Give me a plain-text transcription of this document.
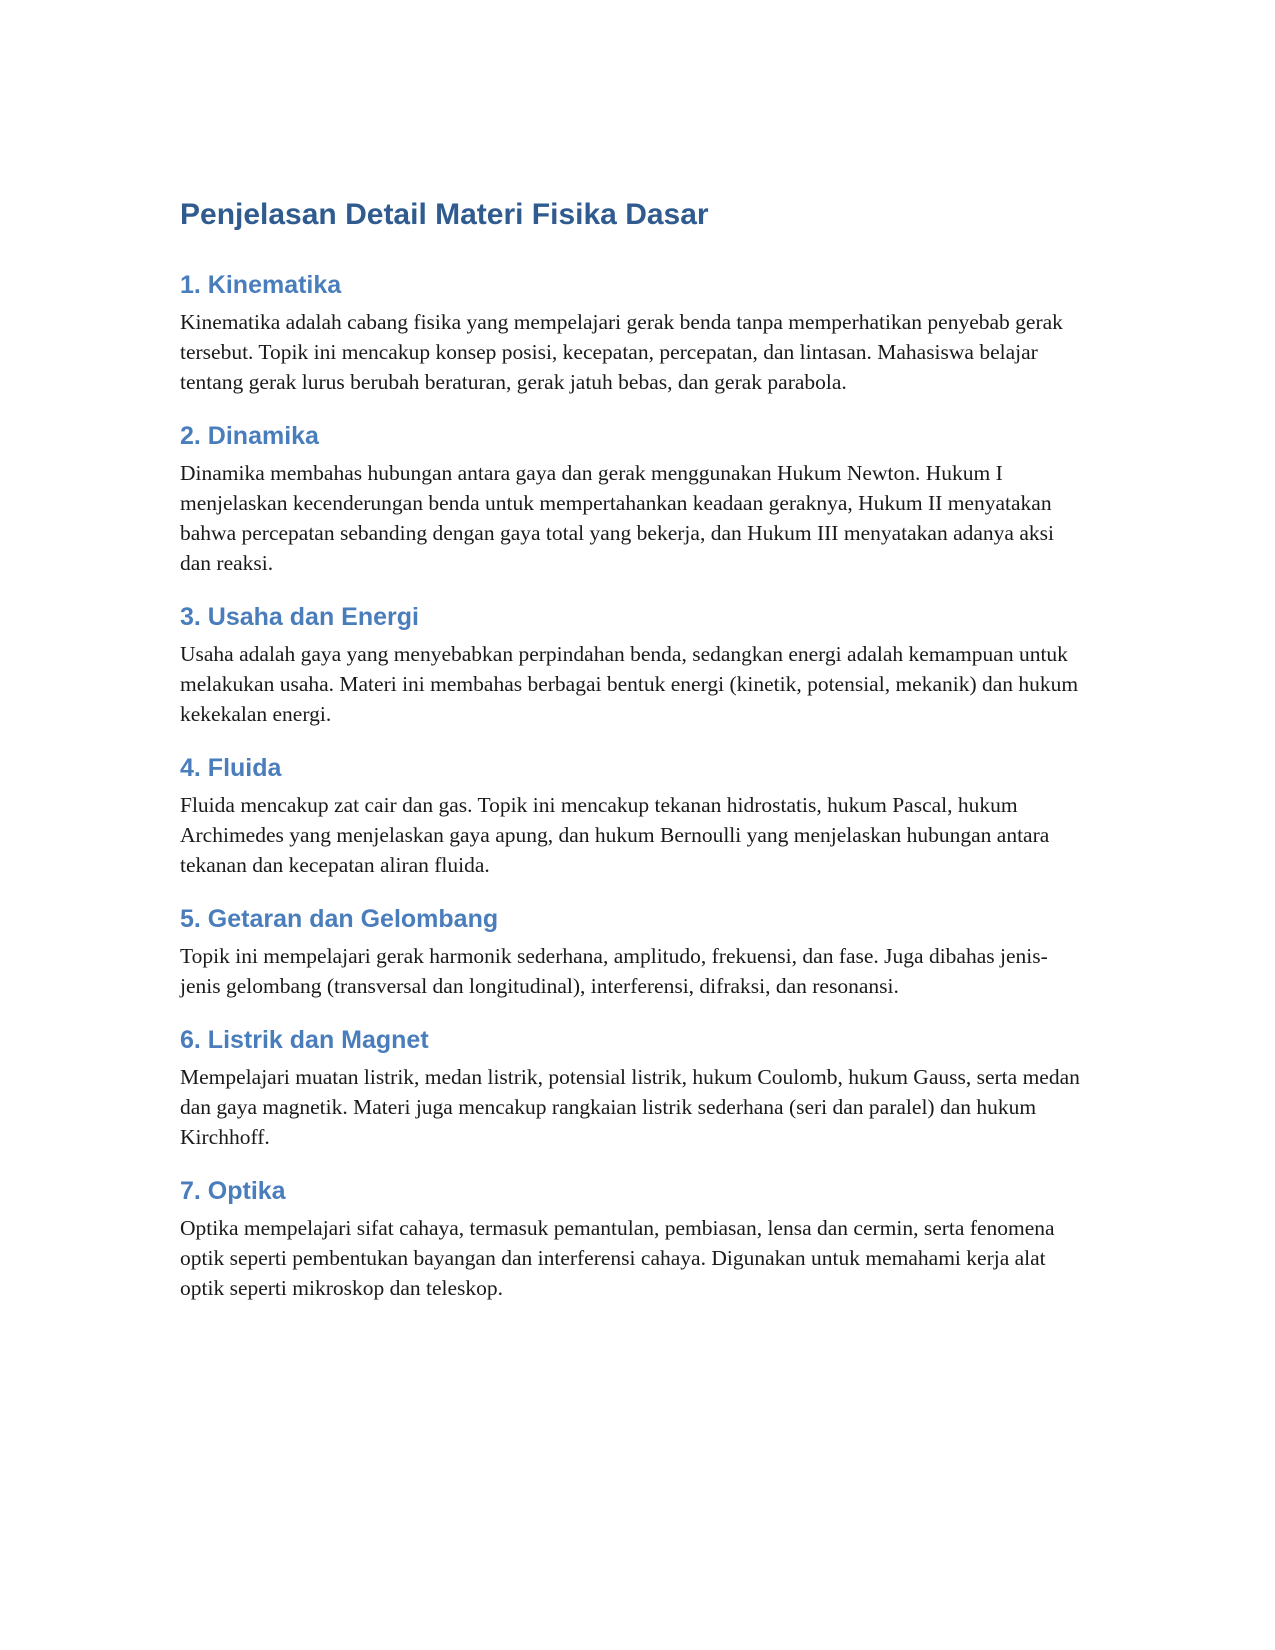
Penjelasan Detail Materi Fisika Dasar
1. Kinematika

Kinematika adalah cabang fisika yang mempelajari gerak benda tanpa memperhatikan penyebab gerak tersebut. Topik ini mencakup konsep posisi, kecepatan, percepatan, dan lintasan. Mahasiswa belajar tentang gerak lurus berubah beraturan, gerak jatuh bebas, dan gerak parabola.

2. Dinamika

Dinamika membahas hubungan antara gaya dan gerak menggunakan Hukum Newton. Hukum I menjelaskan kecenderungan benda untuk mempertahankan keadaan geraknya, Hukum II menyatakan bahwa percepatan sebanding dengan gaya total yang bekerja, dan Hukum III menyatakan adanya aksi dan reaksi.

3. Usaha dan Energi

Usaha adalah gaya yang menyebabkan perpindahan benda, sedangkan energi adalah kemampuan untuk melakukan usaha. Materi ini membahas berbagai bentuk energi (kinetik, potensial, mekanik) dan hukum kekekalan energi.

4. Fluida

Fluida mencakup zat cair dan gas. Topik ini mencakup tekanan hidrostatis, hukum Pascal, hukum Archimedes yang menjelaskan gaya apung, dan hukum Bernoulli yang menjelaskan hubungan antara tekanan dan kecepatan aliran fluida.

5. Getaran dan Gelombang

Topik ini mempelajari gerak harmonik sederhana, amplitudo, frekuensi, dan fase. Juga dibahas jenis-jenis gelombang (transversal dan longitudinal), interferensi, difraksi, dan resonansi.

6. Listrik dan Magnet

Mempelajari muatan listrik, medan listrik, potensial listrik, hukum Coulomb, hukum Gauss, serta medan dan gaya magnetik. Materi juga mencakup rangkaian listrik sederhana (seri dan paralel) dan hukum Kirchhoff.

7. Optika

Optika mempelajari sifat cahaya, termasuk pemantulan, pembiasan, lensa dan cermin, serta fenomena optik seperti pembentukan bayangan dan interferensi cahaya. Digunakan untuk memahami kerja alat optik seperti mikroskop dan teleskop.
